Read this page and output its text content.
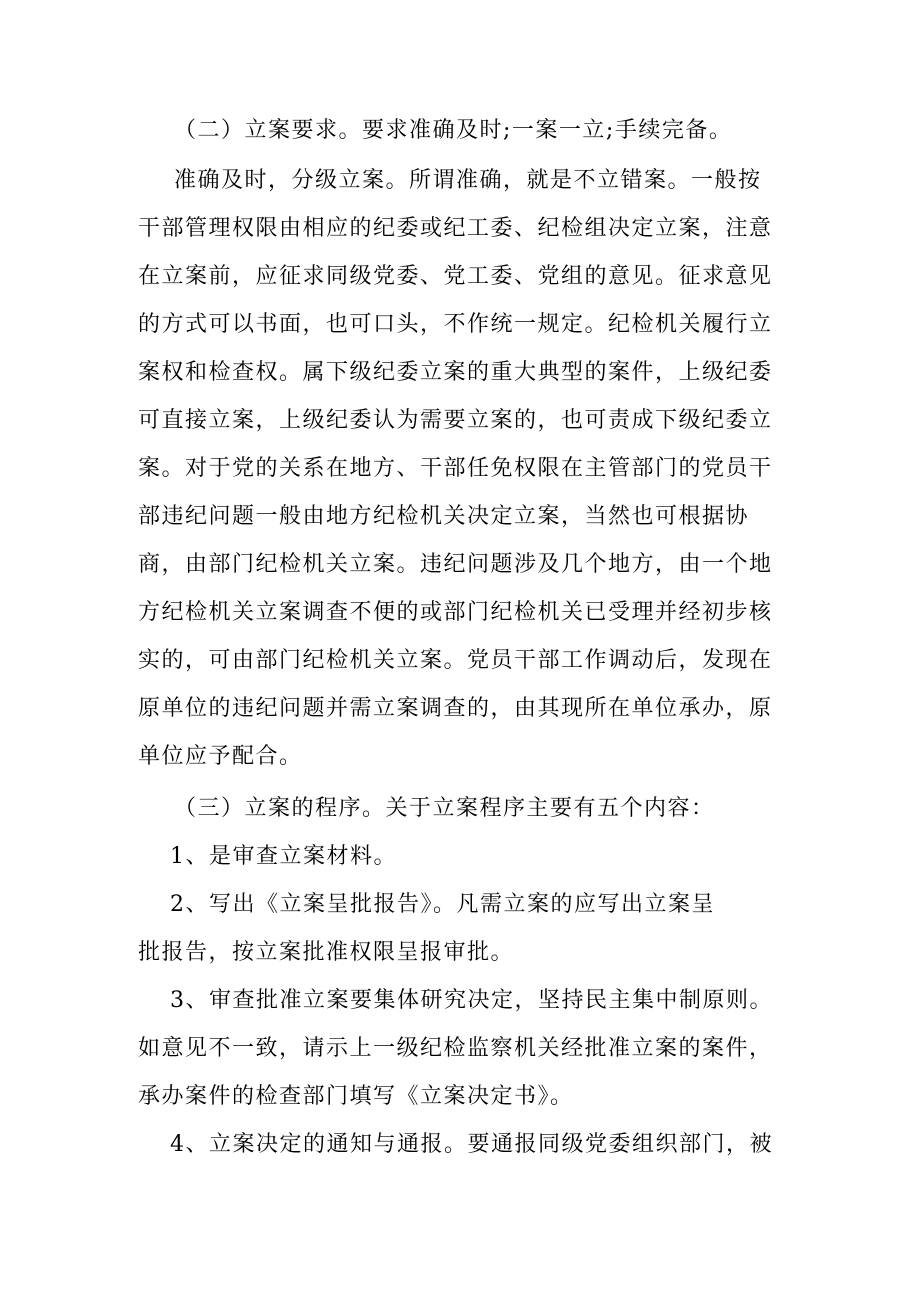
（二）立案要求。要求准确及时;一案一立;手续完备。
准确及时，分级立案。所谓准确，就是不立错案。一般按
干部管理权限由相应的纪委或纪工委、纪检组决定立案，注意
在立案前，应征求同级党委、党工委、党组的意见。征求意见
的方式可以书面，也可口头，不作统一规定。纪检机关履行立
案权和检查权。属下级纪委立案的重大典型的案件，上级纪委
可直接立案，上级纪委认为需要立案的，也可责成下级纪委立
案。对于党的关系在地方、干部任免权限在主管部门的党员干
部违纪问题一般由地方纪检机关决定立案，当然也可根据协
商，由部门纪检机关立案。违纪问题涉及几个地方，由一个地
方纪检机关立案调查不便的或部门纪检机关已受理并经初步核
实的，可由部门纪检机关立案。党员干部工作调动后，发现在
原单位的违纪问题并需立案调查的，由其现所在单位承办，原
单位应予配合。
（三）立案的程序。关于立案程序主要有五个内容：
1、是审查立案材料。
2、写出《立案呈批报告》。凡需立案的应写出立案呈
批报告，按立案批准权限呈报审批。
3、审查批准立案要集体研究决定，坚持民主集中制原则。
如意见不一致，请示上一级纪检监察机关经批准立案的案件，
承办案件的检查部门填写《立案决定书》。
4、立案决定的通知与通报。要通报同级党委组织部门，被
